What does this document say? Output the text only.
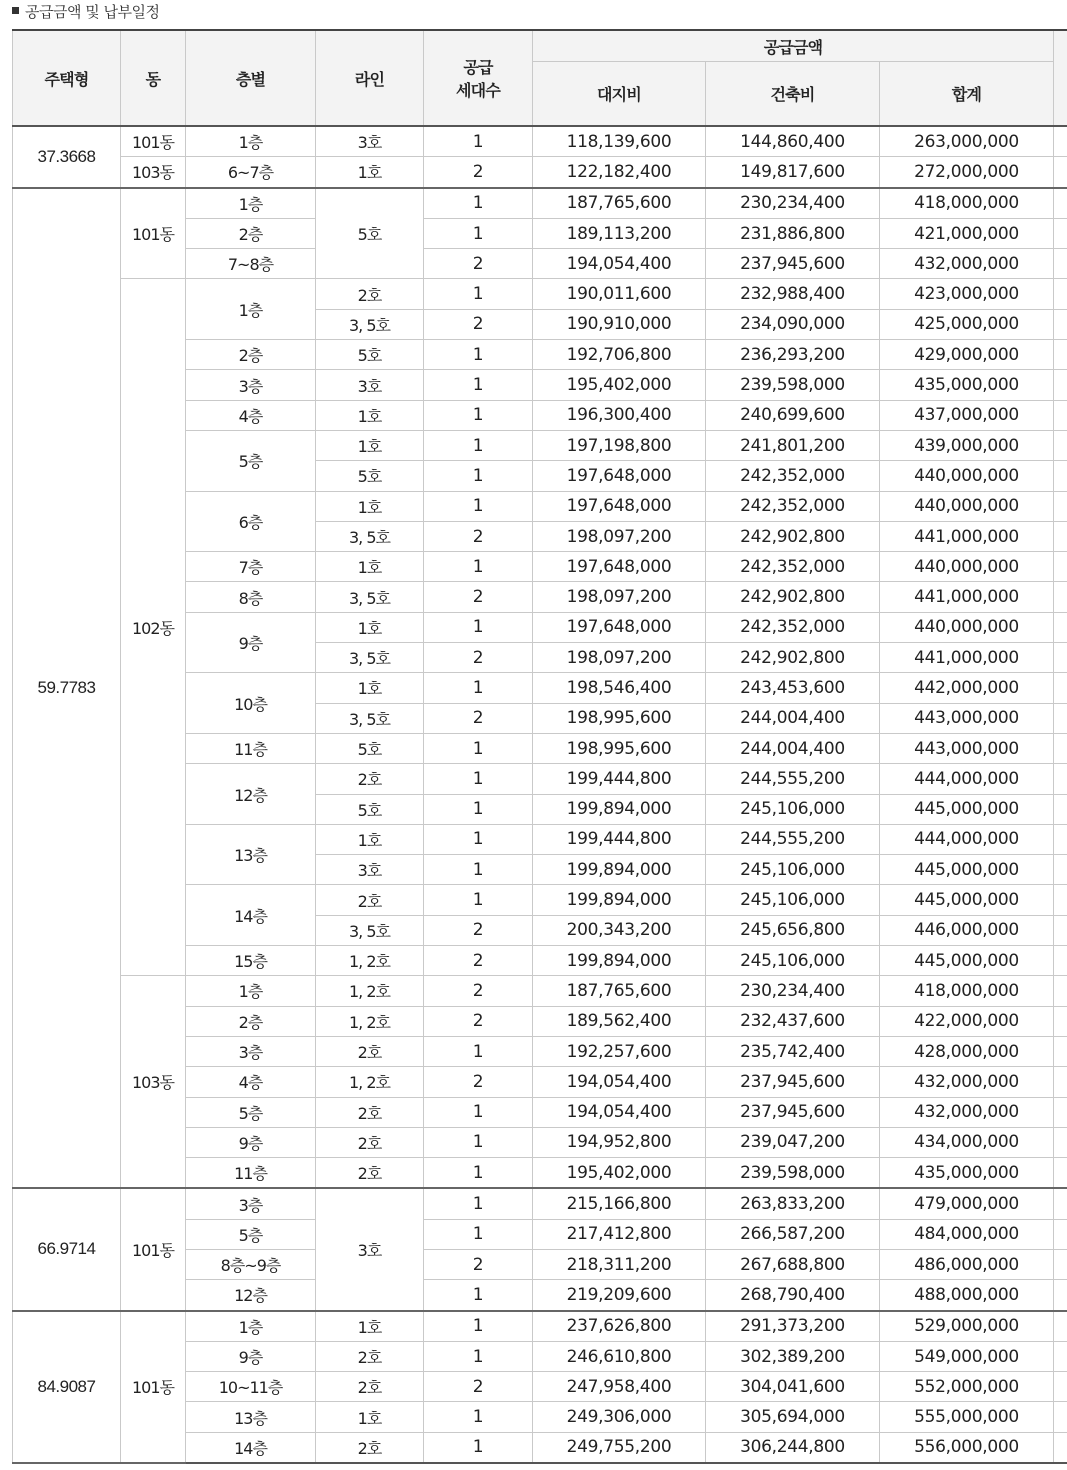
공급금액 및 납부일정
주택형	동	층별	라인	공급
세대수	공급금액			
					대지비	건축비	합계	
37.3668	101동	1층	3호	1	118,139,600	144,860,400	263,000,000	
	103동	6~7층	1호	2	122,182,400	149,817,600	272,000,000	
59.7783	101동	1층	5호	1	187,765,600	230,234,400	418,000,000	
		2층		1	189,113,200	231,886,800	421,000,000	
		7~8층		2	194,054,400	237,945,600	432,000,000	
	102동	1층	2호	1	190,011,600	232,988,400	423,000,000	
			3, 5호	2	190,910,000	234,090,000	425,000,000	
		2층	5호	1	192,706,800	236,293,200	429,000,000	
		3층	3호	1	195,402,000	239,598,000	435,000,000	
		4층	1호	1	196,300,400	240,699,600	437,000,000	
		5층	1호	1	197,198,800	241,801,200	439,000,000	
			5호	1	197,648,000	242,352,000	440,000,000	
		6층	1호	1	197,648,000	242,352,000	440,000,000	
			3, 5호	2	198,097,200	242,902,800	441,000,000	
		7층	1호	1	197,648,000	242,352,000	440,000,000	
		8층	3, 5호	2	198,097,200	242,902,800	441,000,000	
		9층	1호	1	197,648,000	242,352,000	440,000,000	
			3, 5호	2	198,097,200	242,902,800	441,000,000	
		10층	1호	1	198,546,400	243,453,600	442,000,000	
			3, 5호	2	198,995,600	244,004,400	443,000,000	
		11층	5호	1	198,995,600	244,004,400	443,000,000	
		12층	2호	1	199,444,800	244,555,200	444,000,000	
			5호	1	199,894,000	245,106,000	445,000,000	
		13층	1호	1	199,444,800	244,555,200	444,000,000	
			3호	1	199,894,000	245,106,000	445,000,000	
		14층	2호	1	199,894,000	245,106,000	445,000,000	
			3, 5호	2	200,343,200	245,656,800	446,000,000	
		15층	1, 2호	2	199,894,000	245,106,000	445,000,000	
	103동	1층	1, 2호	2	187,765,600	230,234,400	418,000,000	
		2층	1, 2호	2	189,562,400	232,437,600	422,000,000	
		3층	2호	1	192,257,600	235,742,400	428,000,000	
		4층	1, 2호	2	194,054,400	237,945,600	432,000,000	
		5층	2호	1	194,054,400	237,945,600	432,000,000	
		9층	2호	1	194,952,800	239,047,200	434,000,000	
		11층	2호	1	195,402,000	239,598,000	435,000,000	
66.9714	101동	3층	3호	1	215,166,800	263,833,200	479,000,000	
		5층		1	217,412,800	266,587,200	484,000,000	
		8층~9층		2	218,311,200	267,688,800	486,000,000	
		12층		1	219,209,600	268,790,400	488,000,000	
84.9087	101동	1층	1호	1	237,626,800	291,373,200	529,000,000	
		9층	2호	1	246,610,800	302,389,200	549,000,000	
		10~11층	2호	2	247,958,400	304,041,600	552,000,000	
		13층	1호	1	249,306,000	305,694,000	555,000,000	
		14층	2호	1	249,755,200	306,244,800	556,000,000	
